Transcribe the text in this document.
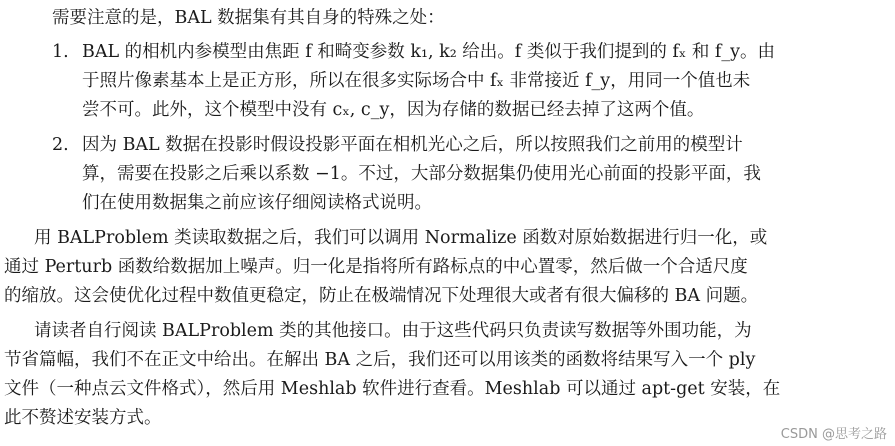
需要注意的是，BAL 数据集有其自身的特殊之处：
1. BAL 的相机内参模型由焦距 f 和畸变参数 k₁, k₂ 给出。f 类似于我们提到的 fₓ 和 f_y。由
于照片像素基本上是正方形，所以在很多实际场合中 fₓ 非常接近 f_y，用同一个值也未
尝不可。此外，这个模型中没有 cₓ, c_y，因为存储的数据已经去掉了这两个值。
2. 因为 BAL 数据在投影时假设投影平面在相机光心之后，所以按照我们之前用的模型计
算，需要在投影之后乘以系数 −1。不过，大部分数据集仍使用光心前面的投影平面，我
们在使用数据集之前应该仔细阅读格式说明。
用 BALProblem 类读取数据之后，我们可以调用 Normalize 函数对原始数据进行归一化，或
通过 Perturb 函数给数据加上噪声。归一化是指将所有路标点的中心置零，然后做一个合适尺度
的缩放。这会使优化过程中数值更稳定，防止在极端情况下处理很大或者有很大偏移的 BA 问题。
请读者自行阅读 BALProblem 类的其他接口。由于这些代码只负责读写数据等外围功能，为
节省篇幅，我们不在正文中给出。在解出 BA 之后，我们还可以用该类的函数将结果写入一个 ply
文件（一种点云文件格式），然后用 Meshlab 软件进行查看。Meshlab 可以通过 apt-get 安装，在
此不赘述安装方式。
CSDN @思考之路
